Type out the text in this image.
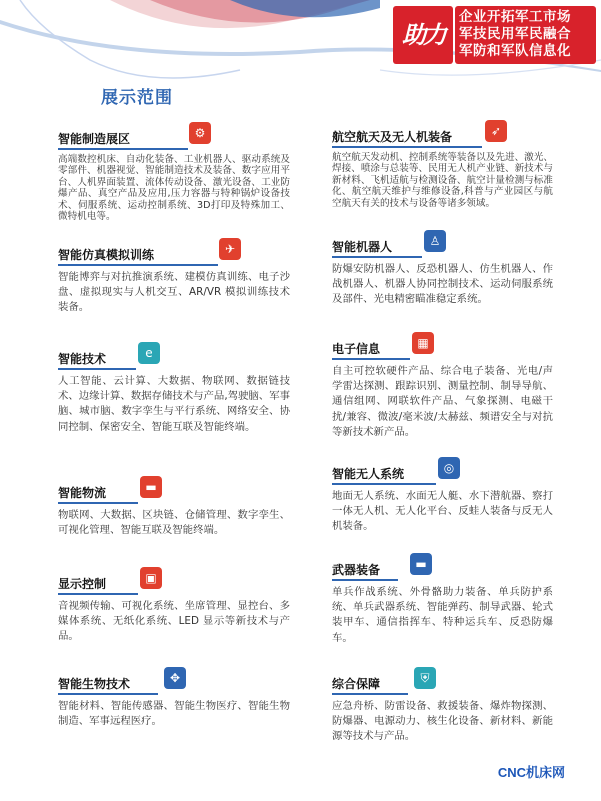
助力
企业开拓军工市场
军技民用军民融合
军防和军队信息化
展示范围
智能制造展区	⚙

高端数控机床、自动化装备、工业机器人、驱动系统及零部件、机器视觉、智能制造技术及装备、数字应用平台、人机界面装置、流体传动设备、激光设备、工业防爆产品、真空产品及应用,压力容器与特种锅炉设备技术、伺服系统、运动控制系统、3D打印及特殊加工、微特机电等。

智能仿真模拟训练	✈

智能博弈与对抗推演系统、建模仿真训练、电子沙盘、虚拟现实与人机交互、AR/VR 模拟训练技术装备。

智能技术	e

人工智能、云计算、大数据、物联网、数据链技术、边缘计算、数据存储技术与产品,驾驶脑、军事脑、城市脑、数字孪生与平行系统、网络安全、协同控制、保密安全、智能互联及智能终端。

智能物流	▬

物联网、大数据、区块链、仓储管理、数字孪生、可视化管理、智能互联及智能终端。

显示控制	▣

音视频传输、可视化系统、坐席管理、显控台、多媒体系统、无纸化系统、LED 显示等新技术与产品。

智能生物技术	✥

智能材料、智能传感器、智能生物医疗、智能生物制造、军事远程医疗。

航空航天及无人机装备	➶

航空航天发动机、控制系统等装备以及先进、激光、焊接、喷涂与总装等、民用无人机产业链、新技术与新材料、飞机适航与检测设备、航空计量检测与标准化、航空航天维护与维修设备,科普与产业园区与航空航天有关的技术与设备等诸多领域。

智能机器人	♙

防爆安防机器人、反恐机器人、仿生机器人、作战机器人、机器人协同控制技术、运动伺服系统及部件、光电精密瞄准稳定系统。

电子信息	▦

自主可控软硬件产品、综合电子装备、光电/声学雷达探测、跟踪识别、测量控制、制导导航、通信组网、网联软件产品、气象探测、电磁干扰/兼容、微波/毫米波/太赫兹、频谱安全与对抗等新技术新产品。

智能无人系统	◎

地面无人系统、水面无人艇、水下潜航器、察打一体无人机、无人化平台、反蛙人装备与反无人机装备。

武器装备	▬

单兵作战系统、外骨骼助力装备、单兵防护系统、单兵武器系统、智能弹药、制导武器、轮式装甲车、通信指挥车、特种运兵车、反恐防爆车。

综合保障	⛨

应急舟桥、防雷设备、救援装备、爆炸物探测、防爆器、电源动力、核生化设备、新材料、新能源等技术与产品。

CNC机床网
